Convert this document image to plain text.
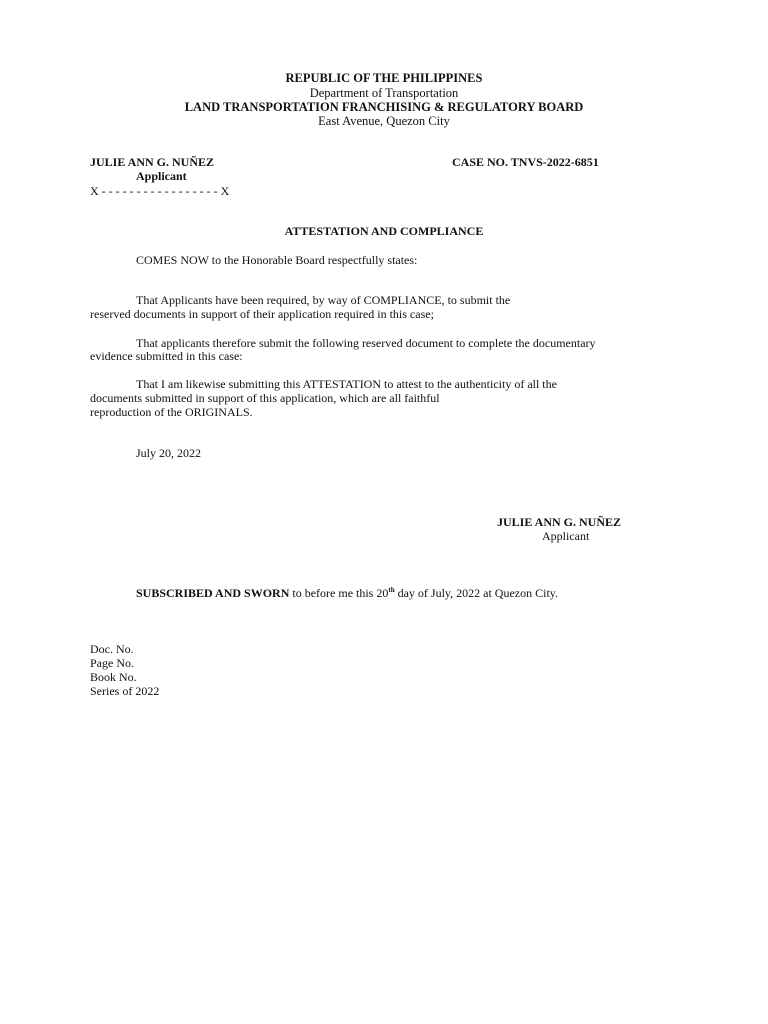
REPUBLIC OF THE PHILIPPINES
Department of Transportation
LAND TRANSPORTATION FRANCHISING & REGULATORY BOARD
East Avenue, Quezon City
JULIE ANN G. NUÑEZ
Applicant
X - - - - - - - - - - - - - - - - - X
CASE NO. TNVS-2022-6851
ATTESTATION AND COMPLIANCE
COMES NOW to the Honorable Board respectfully states:
That Applicants have been required, by way of COMPLIANCE, to submit the
reserved documents in support of their application required in this case;
That applicants therefore submit the following reserved document to complete the documentary
evidence submitted in this case:
That I am likewise submitting this ATTESTATION to attest to the authenticity of all the
documents submitted in support of this application, which are all faithful
reproduction of the ORIGINALS.
July 20, 2022
JULIE ANN G. NUÑEZ
Applicant
SUBSCRIBED AND SWORN to before me this 20th day of July, 2022 at Quezon City.
Doc. No.
Page No.
Book No.
Series of 2022
